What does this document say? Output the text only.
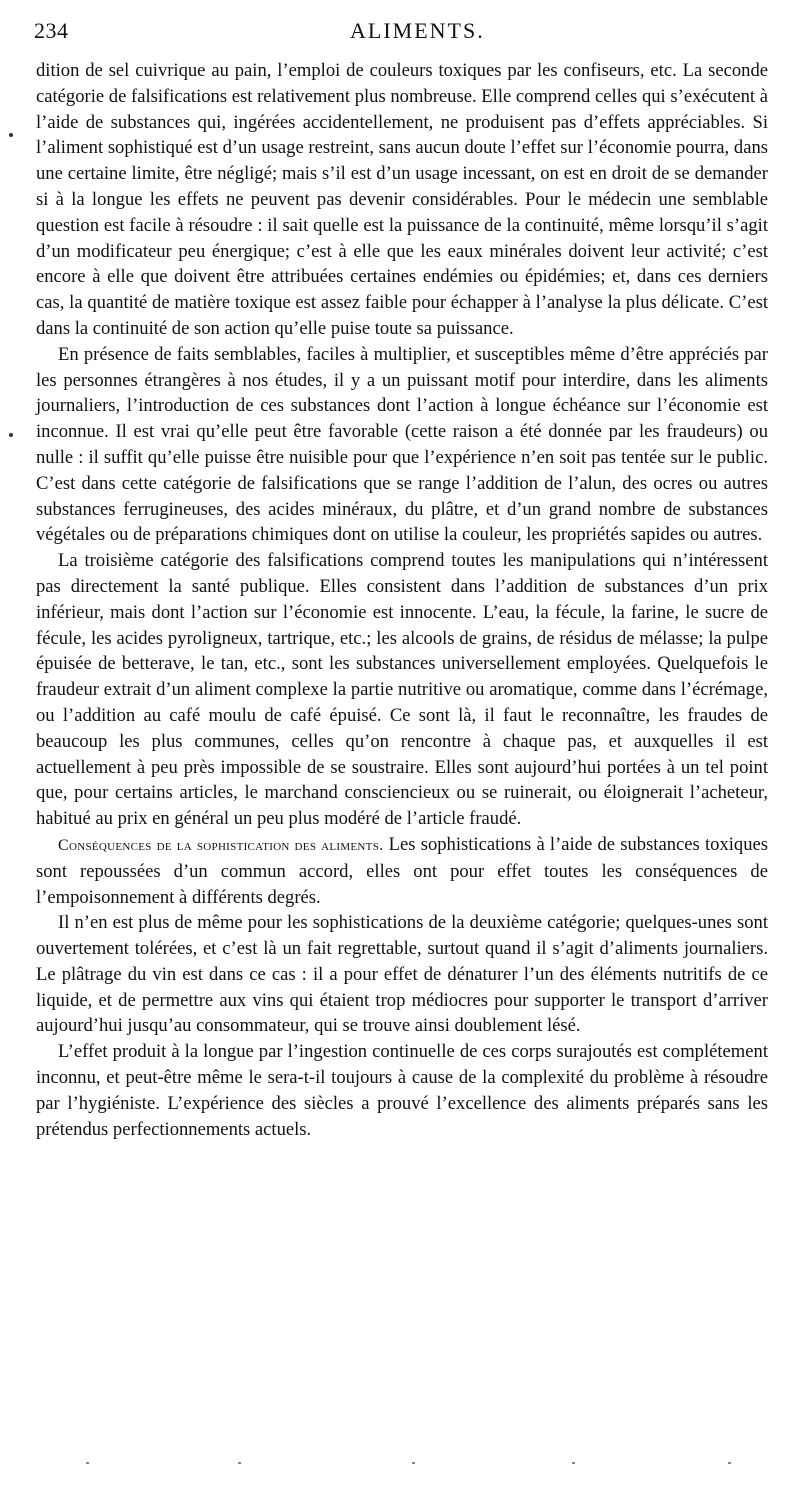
234	ALIMENTS.

dition de sel cuivrique au pain, l’emploi de couleurs toxiques par les confiseurs, etc. La seconde catégorie de falsifications est relativement plus nombreuse. Elle comprend celles qui s’exécutent à l’aide de substances qui, ingérées accidentellement, ne produisent pas d’effets appréciables. Si l’aliment sophistiqué est d’un usage restreint, sans aucun doute l’effet sur l’économie pourra, dans une certaine limite, être négligé; mais s’il est d’un usage incessant, on est en droit de se demander si à la longue les effets ne peuvent pas devenir considérables. Pour le médecin une semblable question est facile à résoudre : il sait quelle est la puissance de la continuité, même lorsqu’il s’agit d’un modificateur peu énergique; c’est à elle que les eaux minérales doivent leur activité; c’est encore à elle que doivent être attribuées certaines endémies ou épidémies; et, dans ces derniers cas, la quantité de matière toxique est assez faible pour échapper à l’analyse la plus délicate. C’est dans la continuité de son action qu’elle puise toute sa puissance.

En présence de faits semblables, faciles à multiplier, et susceptibles même d’être appréciés par les personnes étrangères à nos études, il y a un puissant motif pour interdire, dans les aliments journaliers, l’introduction de ces substances dont l’action à longue échéance sur l’économie est inconnue. Il est vrai qu’elle peut être favorable (cette raison a été donnée par les fraudeurs) ou nulle : il suffit qu’elle puisse être nuisible pour que l’expérience n’en soit pas tentée sur le public. C’est dans cette catégorie de falsifications que se range l’addition de l’alun, des ocres ou autres substances ferrugineuses, des acides minéraux, du plâtre, et d’un grand nombre de substances végétales ou de préparations chimiques dont on utilise la couleur, les propriétés sapides ou autres.

La troisième catégorie des falsifications comprend toutes les manipulations qui n’intéressent pas directement la santé publique. Elles consistent dans l’addition de substances d’un prix inférieur, mais dont l’action sur l’économie est innocente. L’eau, la fécule, la farine, le sucre de fécule, les acides pyroligneux, tartrique, etc.; les alcools de grains, de résidus de mélasse; la pulpe épuisée de betterave, le tan, etc., sont les substances universellement employées. Quelquefois le fraudeur extrait d’un aliment complexe la partie nutritive ou aromatique, comme dans l’écrémage, ou l’addition au café moulu de café épuisé. Ce sont là, il faut le reconnaître, les fraudes de beaucoup les plus communes, celles qu’on rencontre à chaque pas, et auxquelles il est actuellement à peu près impossible de se soustraire. Elles sont aujourd’hui portées à un tel point que, pour certains articles, le marchand consciencieux ou se ruinerait, ou éloignerait l’acheteur, habitué au prix en général un peu plus modéré de l’article fraudé.

Conséquences de la sophistication des aliments. Les sophistications à l’aide de substances toxiques sont repoussées d’un commun accord, elles ont pour effet toutes les conséquences de l’empoisonnement à différents degrés.

Il n’en est plus de même pour les sophistications de la deuxième catégorie; quelques-unes sont ouvertement tolérées, et c’est là un fait regrettable, surtout quand il s’agit d’aliments journaliers. Le plâtrage du vin est dans ce cas : il a pour effet de dénaturer l’un des éléments nutritifs de ce liquide, et de permettre aux vins qui étaient trop médiocres pour supporter le transport d’arriver aujourd’hui jusqu’au consommateur, qui se trouve ainsi doublement lésé.

L’effet produit à la longue par l’ingestion continuelle de ces corps surajoutés est complétement inconnu, et peut-être même le sera-t-il toujours à cause de la complexité du problème à résoudre par l’hygiéniste. L’expérience des siècles a prouvé l’excellence des aliments préparés sans les prétendus perfectionnements actuels.
